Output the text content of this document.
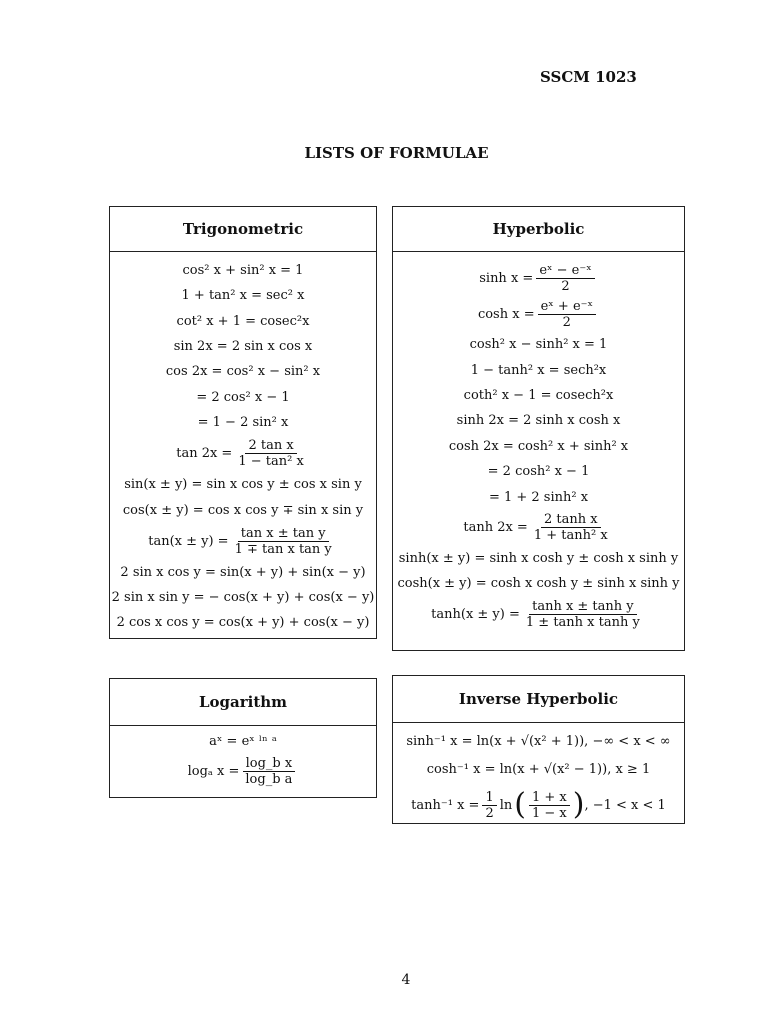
SSCM 1023
LISTS OF FORMULAE
Trigonometric
cos² x + sin² x = 1
1 + tan² x = sec² x
cot² x + 1 = cosec²x
sin 2x = 2 sin x cos x
cos 2x = cos² x − sin² x
= 2 cos² x − 1
= 1 − 2 sin² x
$\tan 2x = \frac{\text{2 tan x}}{\text{1 − tan² x}}$
sin(x ± y) = sin x cos y ± cos x sin y
cos(x ± y) = cos x cos y ∓ sin x sin y
$\tan(x \pm y) = \frac{\text{tan x ± tan y}}{\text{1 ∓ tan x tan y}}$
2 sin x cos y = sin(x + y) + sin(x − y)
2 sin x sin y = − cos(x + y) + cos(x − y)
2 cos x cos y = cos(x + y) + cos(x − y)
Hyperbolic
$\sinh x = \frac{\text{eˣ − e⁻ˣ}}{2}$
$\cosh x = \frac{\text{eˣ + e⁻ˣ}}{2}$
cosh² x − sinh² x = 1
1 − tanh² x = sech²x
coth² x − 1 = cosech²x
sinh 2x = 2 sinh x cosh x
cosh 2x = cosh² x + sinh² x
= 2 cosh² x − 1
= 1 + 2 sinh² x
$\tanh 2x = \frac{\text{2 tanh x}}{\text{1 + tanh² x}}$
sinh(x ± y) = sinh x cosh y ± cosh x sinh y
cosh(x ± y) = cosh x cosh y ± sinh x sinh y
$\tanh(x \pm y) = \frac{\text{tanh x ± tanh y}}{\text{1 ± tanh x tanh y}}$
Logarithm
aˣ = eˣ ˡⁿ ᵃ
logₐ $x = \frac{\text{log\_b x}}{\text{log\_b a}}$
Inverse Hyperbolic
sinh⁻¹ x = ln(x + √(x² + 1)), −∞ < x < ∞
cosh⁻¹ x = ln(x + √(x² − 1)), x ≥ 1
tanh⁻¹ $x = \frac{1}{2}$ ln ( $\frac{1 + x}{1 - x}$ ) , −1 < x < 1
4
